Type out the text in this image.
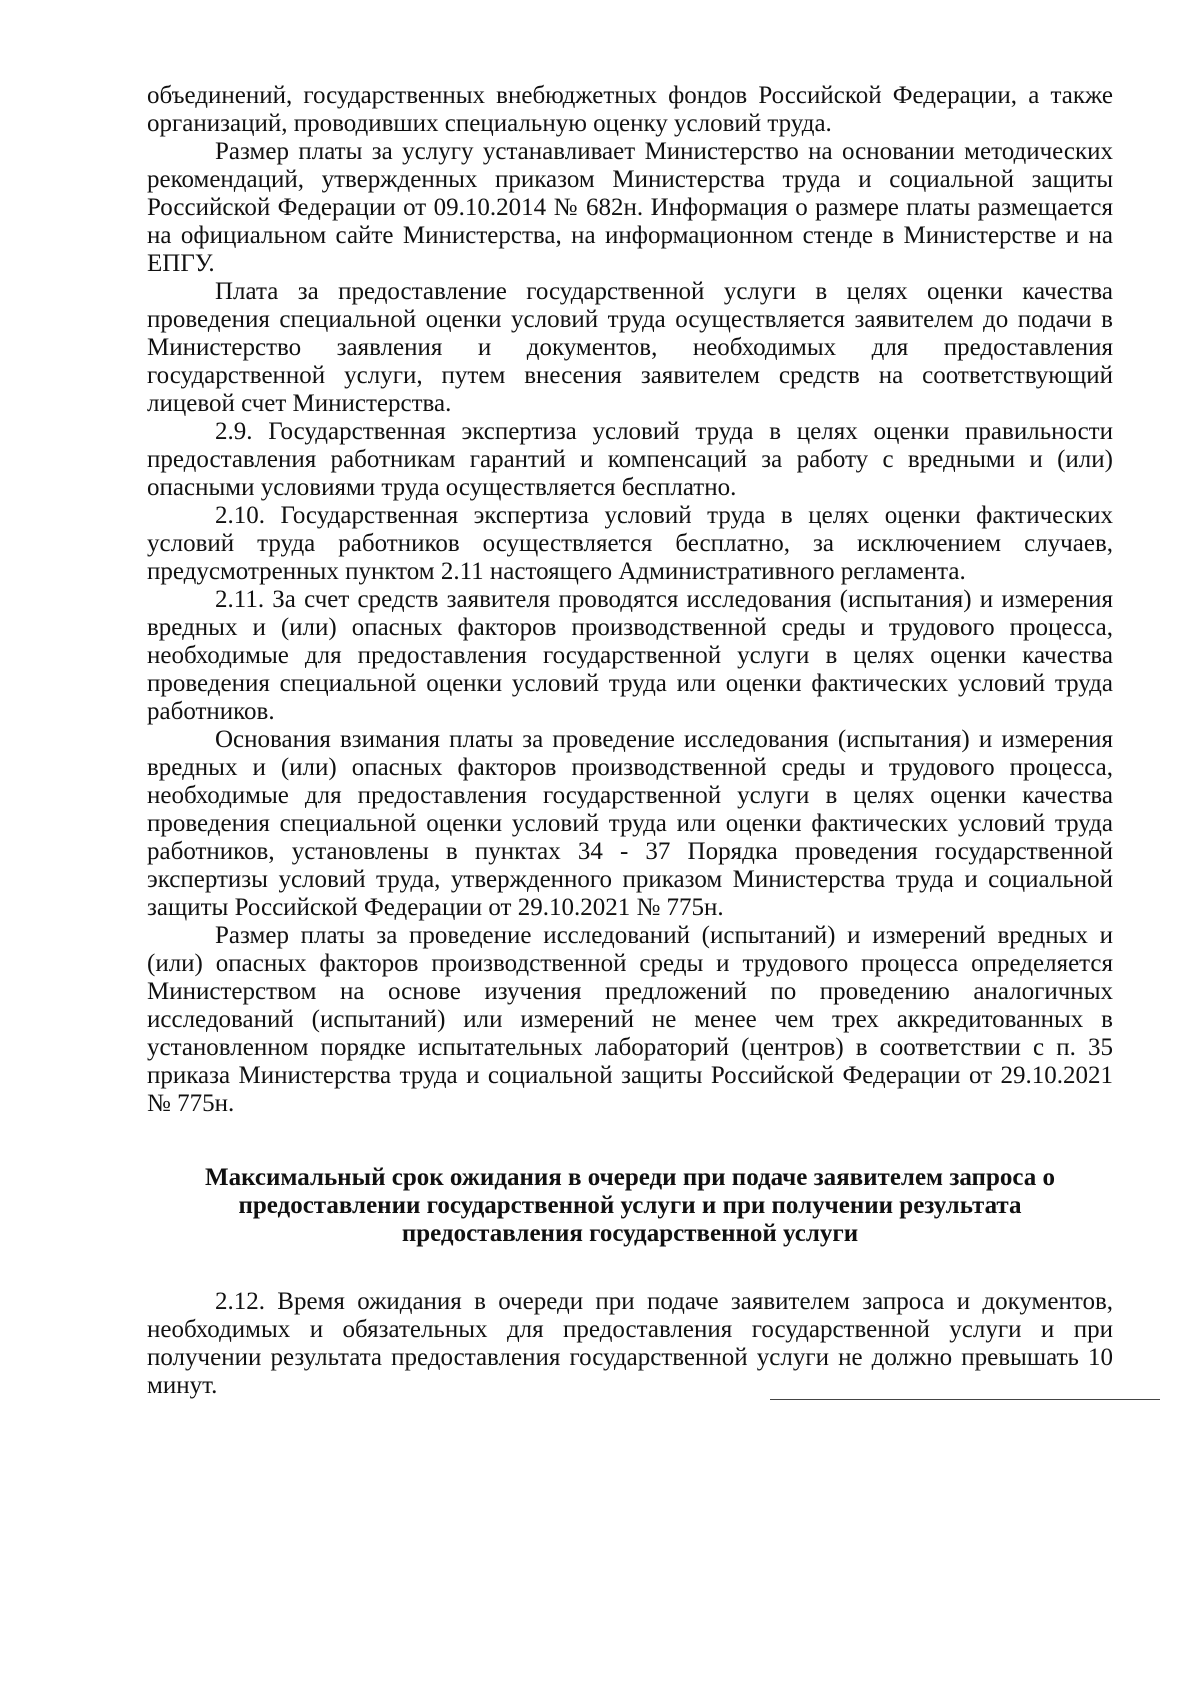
объединений, государственных внебюджетных фондов Российской Федерации, а также организаций, проводивших специальную оценку условий труда.

Размер платы за услугу устанавливает Министерство на основании методических рекомендаций, утвержденных приказом Министерства труда и социальной защиты Российской Федерации от 09.10.2014 № 682н. Информация о размере платы размещается на официальном сайте Министерства, на информационном стенде в Министерстве и на ЕПГУ.

Плата за предоставление государственной услуги в целях оценки качества проведения специальной оценки условий труда осуществляется заявителем до подачи в Министерство заявления и документов, необходимых для предоставления государственной услуги, путем внесения заявителем средств на соответствующий лицевой счет Министерства.

2.9. Государственная экспертиза условий труда в целях оценки правильности предоставления работникам гарантий и компенсаций за работу с вредными и (или) опасными условиями труда осуществляется бесплатно.

2.10. Государственная экспертиза условий труда в целях оценки фактических условий труда работников осуществляется бесплатно, за исключением случаев, предусмотренных пунктом 2.11 настоящего Административного регламента.

2.11. За счет средств заявителя проводятся исследования (испытания) и измерения вредных и (или) опасных факторов производственной среды и трудового процесса, необходимые для предоставления государственной услуги в целях оценки качества проведения специальной оценки условий труда или оценки фактических условий труда работников.

Основания взимания платы за проведение исследования (испытания) и измерения вредных и (или) опасных факторов производственной среды и трудового процесса, необходимые для предоставления государственной услуги в целях оценки качества проведения специальной оценки условий труда или оценки фактических условий труда работников, установлены в пунктах 34 - 37 Порядка проведения государственной экспертизы условий труда, утвержденного приказом Министерства труда и социальной защиты Российской Федерации от 29.10.2021 № 775н.

Размер платы за проведение исследований (испытаний) и измерений вредных и (или) опасных факторов производственной среды и трудового процесса определяется Министерством на основе изучения предложений по проведению аналогичных исследований (испытаний) или измерений не менее чем трех аккредитованных в установленном порядке испытательных лабораторий (центров) в соответствии с п. 35 приказа Министерства труда и социальной защиты Российской Федерации от 29.10.2021 № 775н.

Максимальный срок ожидания в очереди при подаче заявителем запроса о предоставлении государственной услуги и при получении результата предоставления государственной услуги

2.12. Время ожидания в очереди при подаче заявителем запроса и документов, необходимых и обязательных для предоставления государственной услуги и при получении результата предоставления государственной услуги не должно превышать 10 минут.
